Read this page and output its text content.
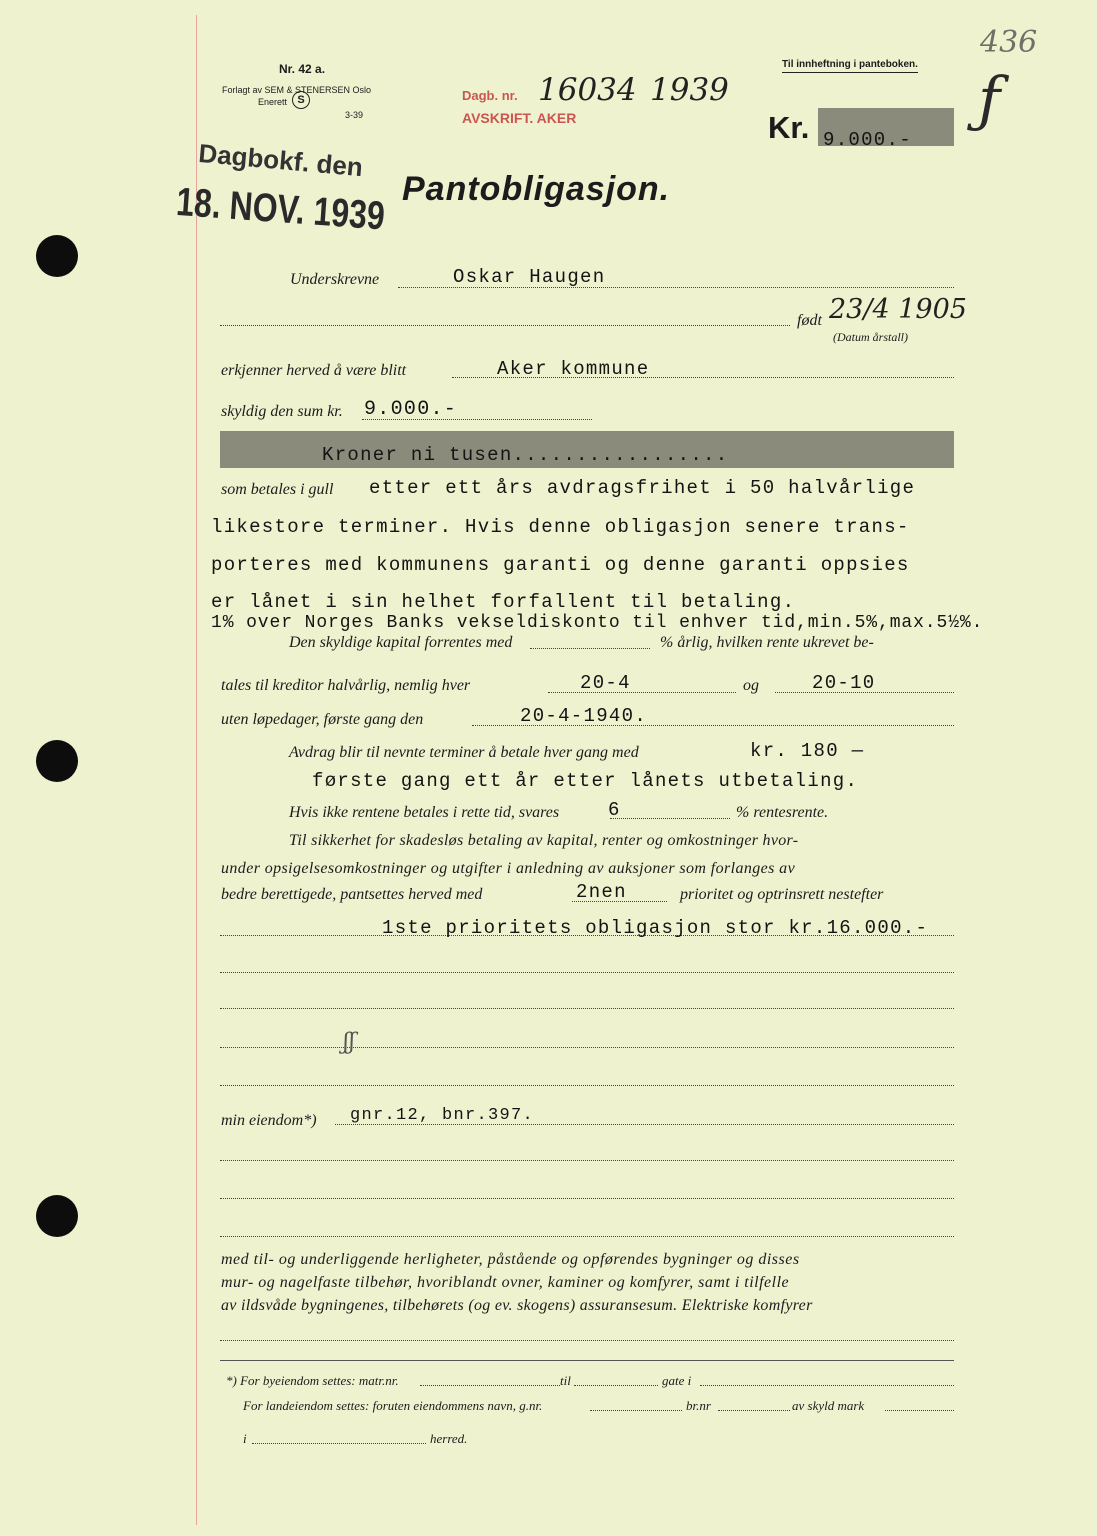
Nr. 42 a.
Forlagt av SEM & STENERSEN Oslo
Enerett S
3-39
Dagb. nr. 16034 1939
AVSKRIFT. AKER
Til innheftning i panteboken.
436
ƒ
Dagbokf. den
18. NOV. 1939 Pantobligasjon.
Kr. 9.000.-
Underskrevne	Oskar Haugen
født 23/4 1905
(Datum årstall)
erkjenner herved å være blitt	Aker kommune
skyldig den sum kr. 9.000.-
Kroner ni tusen.................
som betales i gull etter ett års avdragsfrihet i 50 halvårlige
likestore terminer. Hvis denne obligasjon senere trans-
porteres med kommunens garanti og denne garanti oppsies
er lånet i sin helhet forfallent til betaling.
1% over Norges Banks vekseldiskonto til enhver tid,min.5%,max.5½%.
Den skyldige kapital forrentes med	% årlig, hvilken rente ukrevet be-
tales til kreditor halvårlig, nemlig hver	20-4	og	20-10
uten løpedager, første gang den	20-4-1940.
Avdrag blir til nevnte terminer å betale hver gang med	kr. 180 —
første gang ett år etter lånets utbetaling.
Hvis ikke rentene betales i rette tid, svares	6	% rentesrente.
Til sikkerhet for skadesløs betaling av kapital, renter og omkostninger hvor-
under opsigelsesomkostninger og utgifter i anledning av auksjoner som forlanges av
bedre berettigede, pantsettes herved med	2nen	prioritet og optrinsrett nestefter
1ste prioritets obligasjon stor kr.16.000.-
ʃʃ
min eiendom*) gnr.12, bnr.397.
med til- og underliggende herligheter, påstående og opførendes bygninger og disses
mur- og nagelfaste tilbehør, hvoriblandt ovner, kaminer og komfyrer, samt i tilfelle
av ildsvåde bygningenes, tilbehørets (og ev. skogens) assuransesum. Elektriske komfyrer
*) For byeiendom settes: matr.nr.	til	gate i
For landeiendom settes: foruten eiendommens navn, g.nr.	br.nr	av skyld mark
i	herred.
